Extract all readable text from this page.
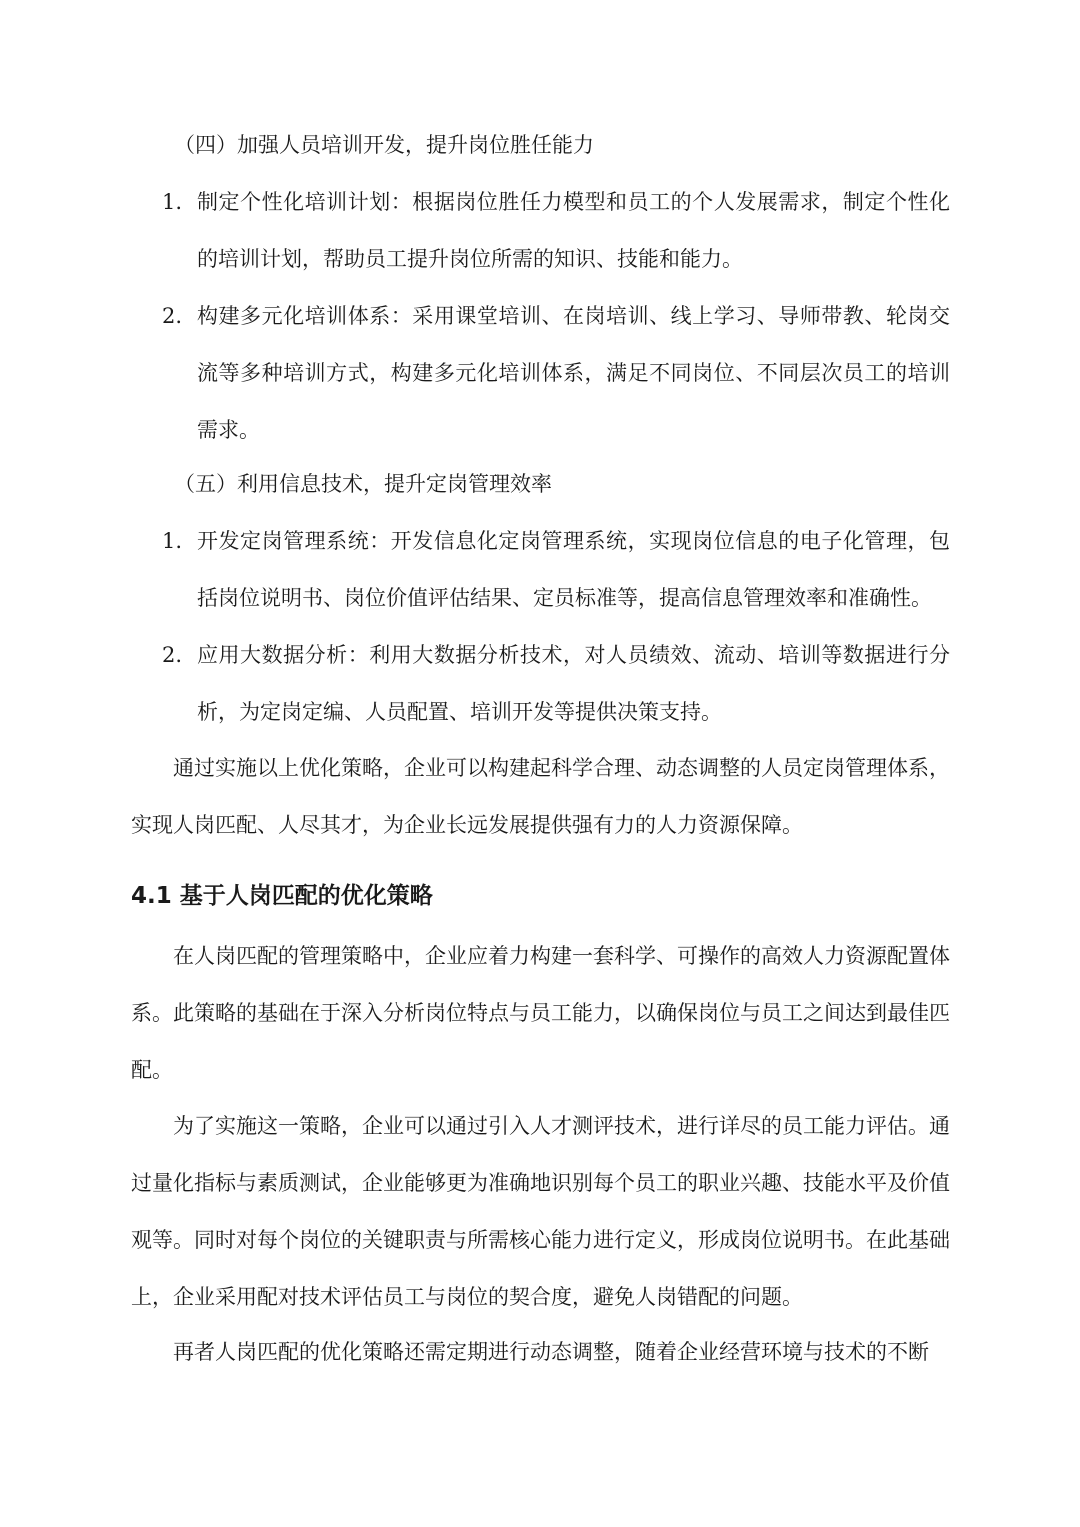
（四）加强人员培训开发，提升岗位胜任能力

1. 制定个性化培训计划：根据岗位胜任力模型和员工的个人发展需求，制定个性化的培训计划，帮助员工提升岗位所需的知识、技能和能力。

2. 构建多元化培训体系：采用课堂培训、在岗培训、线上学习、导师带教、轮岗交流等多种培训方式，构建多元化培训体系，满足不同岗位、不同层次员工的培训需求。

（五）利用信息技术，提升定岗管理效率

1. 开发定岗管理系统：开发信息化定岗管理系统，实现岗位信息的电子化管理，包括岗位说明书、岗位价值评估结果、定员标准等，提高信息管理效率和准确性。

2. 应用大数据分析：利用大数据分析技术，对人员绩效、流动、培训等数据进行分析，为定岗定编、人员配置、培训开发等提供决策支持。

通过实施以上优化策略，企业可以构建起科学合理、动态调整的人员定岗管理体系，实现人岗匹配、人尽其才，为企业长远发展提供强有力的人力资源保障。

4.1 基于人岗匹配的优化策略

在人岗匹配的管理策略中，企业应着力构建一套科学、可操作的高效人力资源配置体系。此策略的基础在于深入分析岗位特点与员工能力，以确保岗位与员工之间达到最佳匹配。

为了实施这一策略，企业可以通过引入人才测评技术，进行详尽的员工能力评估。通过量化指标与素质测试，企业能够更为准确地识别每个员工的职业兴趣、技能水平及价值观等。同时对每个岗位的关键职责与所需核心能力进行定义，形成岗位说明书。在此基础上，企业采用配对技术评估员工与岗位的契合度，避免人岗错配的问题。

再者人岗匹配的优化策略还需定期进行动态调整，随着企业经营环境与技术的不断
